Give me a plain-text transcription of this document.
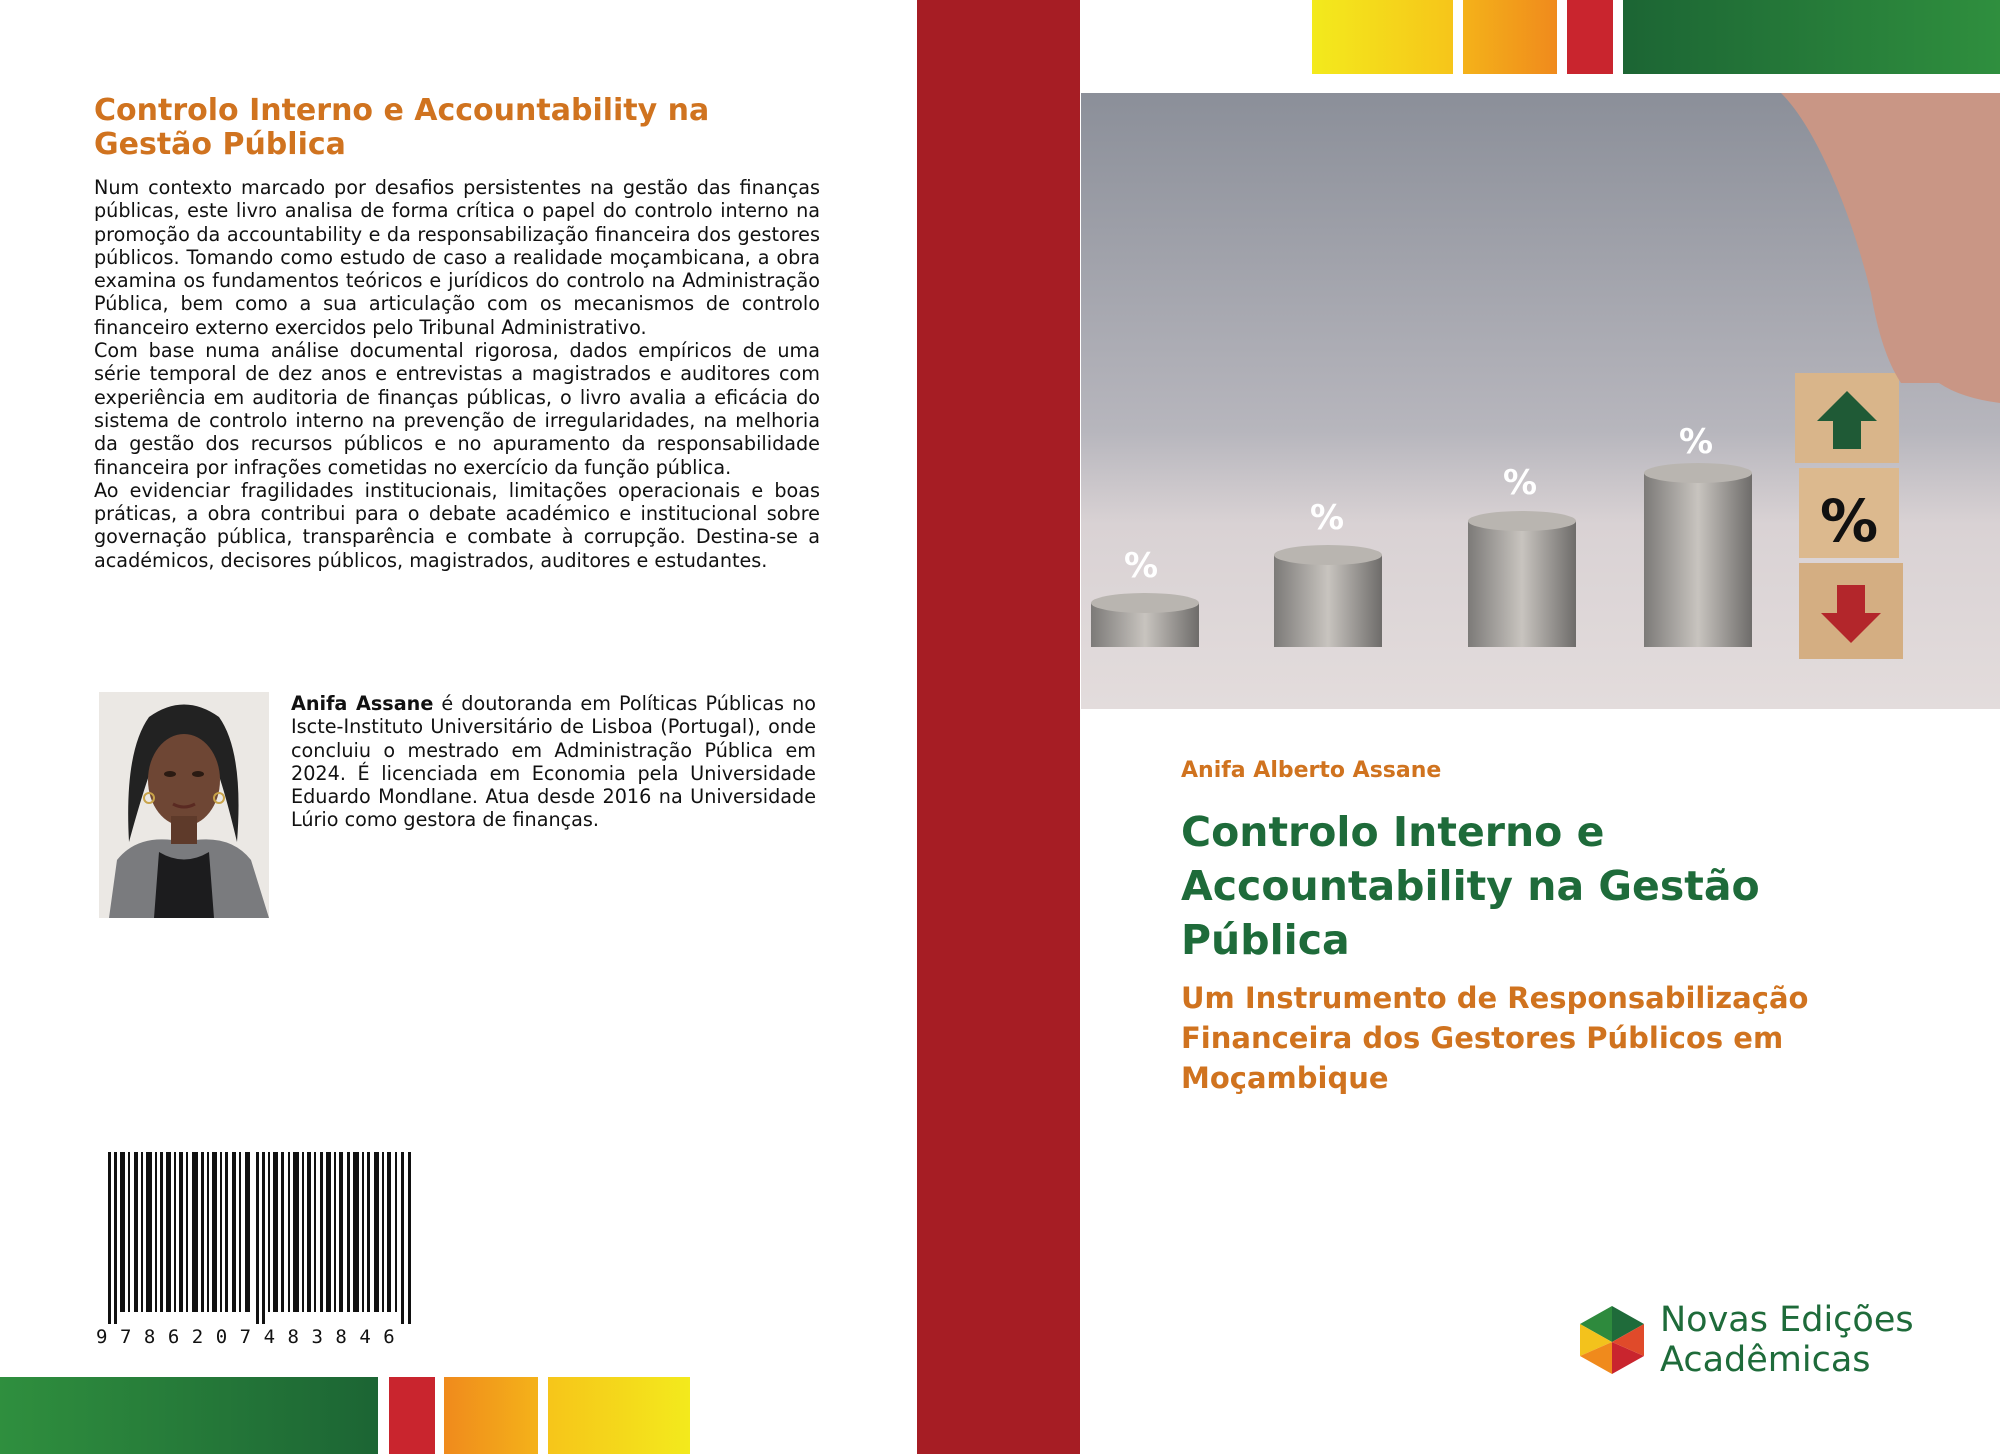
Controlo Interno e Accountability na Gestão Pública

Num contexto marcado por desafios persistentes na gestão das finanças públicas, este livro analisa de forma crítica o papel do controlo interno na promoção da accountability e da responsabilização financeira dos gestores públicos. Tomando como estudo de caso a realidade moçambicana, a obra examina os fundamentos teóricos e jurídicos do controlo na Administração Pública, bem como a sua articulação com os mecanismos de controlo financeiro externo exercidos pelo Tribunal Administrativo.

Com base numa análise documental rigorosa, dados empíricos de uma série temporal de dez anos e entrevistas a magistrados e auditores com experiência em auditoria de finanças públicas, o livro avalia a eficácia do sistema de controlo interno na prevenção de irregularidades, na melhoria da gestão dos recursos públicos e no apuramento da responsabilidade financeira por infrações cometidas no exercício da função pública.

Ao evidenciar fragilidades institucionais, limitações operacionais e boas práticas, a obra contribui para o debate académico e institucional sobre governação pública, transparência e combate à corrupção. Destina-se a académicos, decisores públicos, magistrados, auditores e estudantes.

Anifa Assane é doutoranda em Políticas Públicas no Iscte-Instituto Universitário de Lisboa (Portugal), onde concluiu o mestrado em Administração Pública em 2024. É licenciada em Economia pela Universidade Eduardo Mondlane. Atua desde 2016 na Universidade Lúrio como gestora de finanças.
9786207483846
%
%
%
%
%
Anifa Alberto Assane
Controlo Interno e Accountability na Gestão Pública
Um Instrumento de Responsabilização Financeira dos Gestores Públicos em Moçambique
Novas Edições
Acadêmicas
